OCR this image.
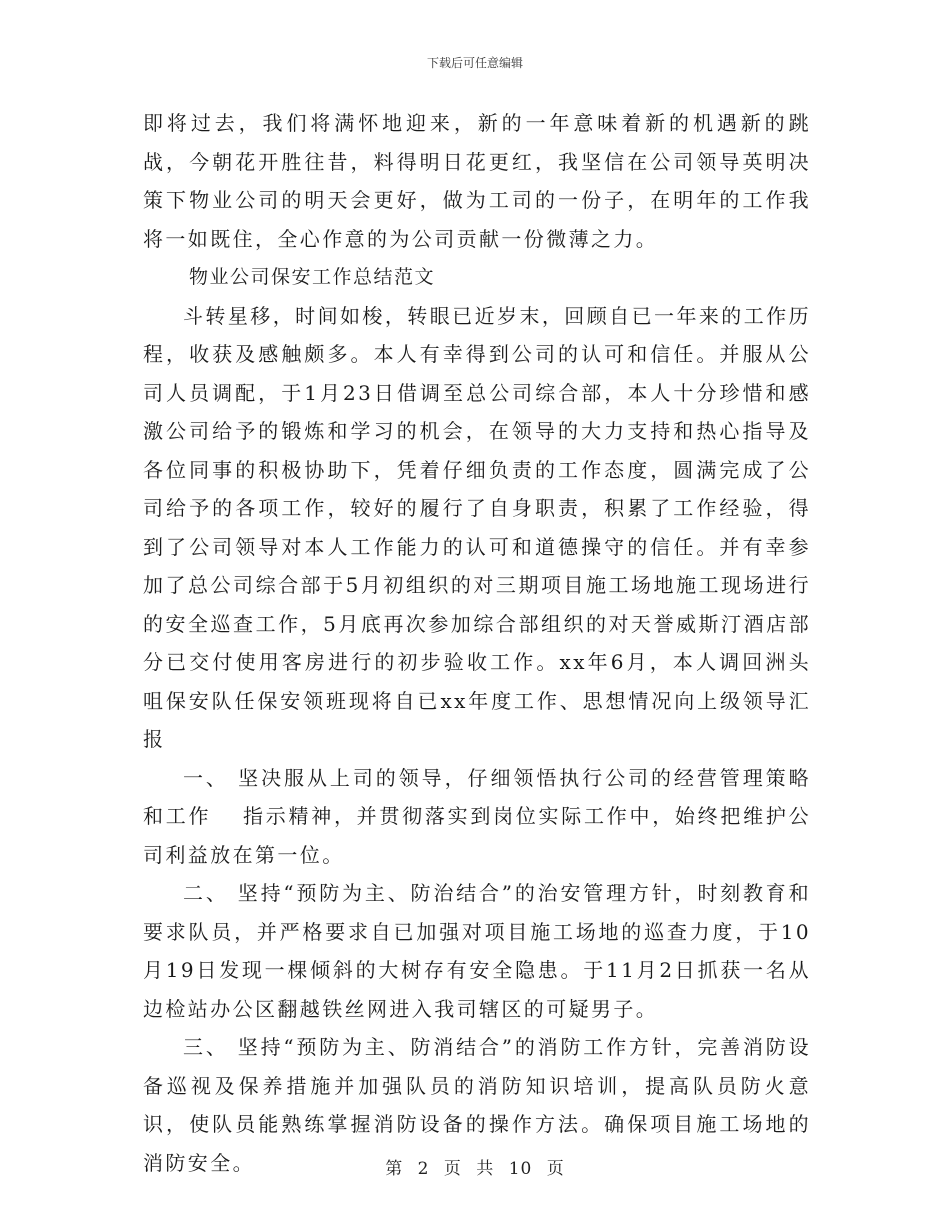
下载后可任意编辑

即将过去，我们将满怀地迎来，新的一年意味着新的机遇新的跳战，今朝花开胜往昔，料得明日花更红，我坚信在公司领导英明决策下物业公司的明天会更好，做为工司的一份子，在明年的工作我将一如既住，全心作意的为公司贡献一份微薄之力。

物业公司保安工作总结范文

斗转星移，时间如梭，转眼已近岁末，回顾自已一年来的工作历程，收获及感触颇多。本人有幸得到公司的认可和信任。并服从公司人员调配，于1月23日借调至总公司综合部，本人十分珍惜和感激公司给予的锻炼和学习的机会，在领导的大力支持和热心指导及各位同事的积极协助下，凭着仔细负责的工作态度，圆满完成了公司给予的各项工作，较好的履行了自身职责，积累了工作经验，得到了公司领导对本人工作能力的认可和道德操守的信任。并有幸参加了总公司综合部于5月初组织的对三期项目施工场地施工现场进行的安全巡查工作，5月底再次参加综合部组织的对天誉威斯汀酒店部分已交付使用客房进行的初步验收工作。xx年6月，本人调回洲头咀保安队任保安领班现将自已xx年度工作、思想情况向上级领导汇报

一、 坚决服从上司的领导，仔细领悟执行公司的经营管理策略和工作　 指示精神，并贯彻落实到岗位实际工作中，始终把维护公司利益放在第一位。

二、 坚持“预防为主、防治结合”的治安管理方针，时刻教育和要求队员，并严格要求自已加强对项目施工场地的巡查力度，于10月19日发现一棵倾斜的大树存有安全隐患。于11月2日抓获一名从边检站办公区翻越铁丝网进入我司辖区的可疑男子。

三、 坚持“预防为主、防消结合”的消防工作方针，完善消防设备巡视及保养措施并加强队员的消防知识培训，提高队员防火意识，使队员能熟练掌握消防设备的操作方法。确保项目施工场地的消防安全。	第 2 页 共 10 页
